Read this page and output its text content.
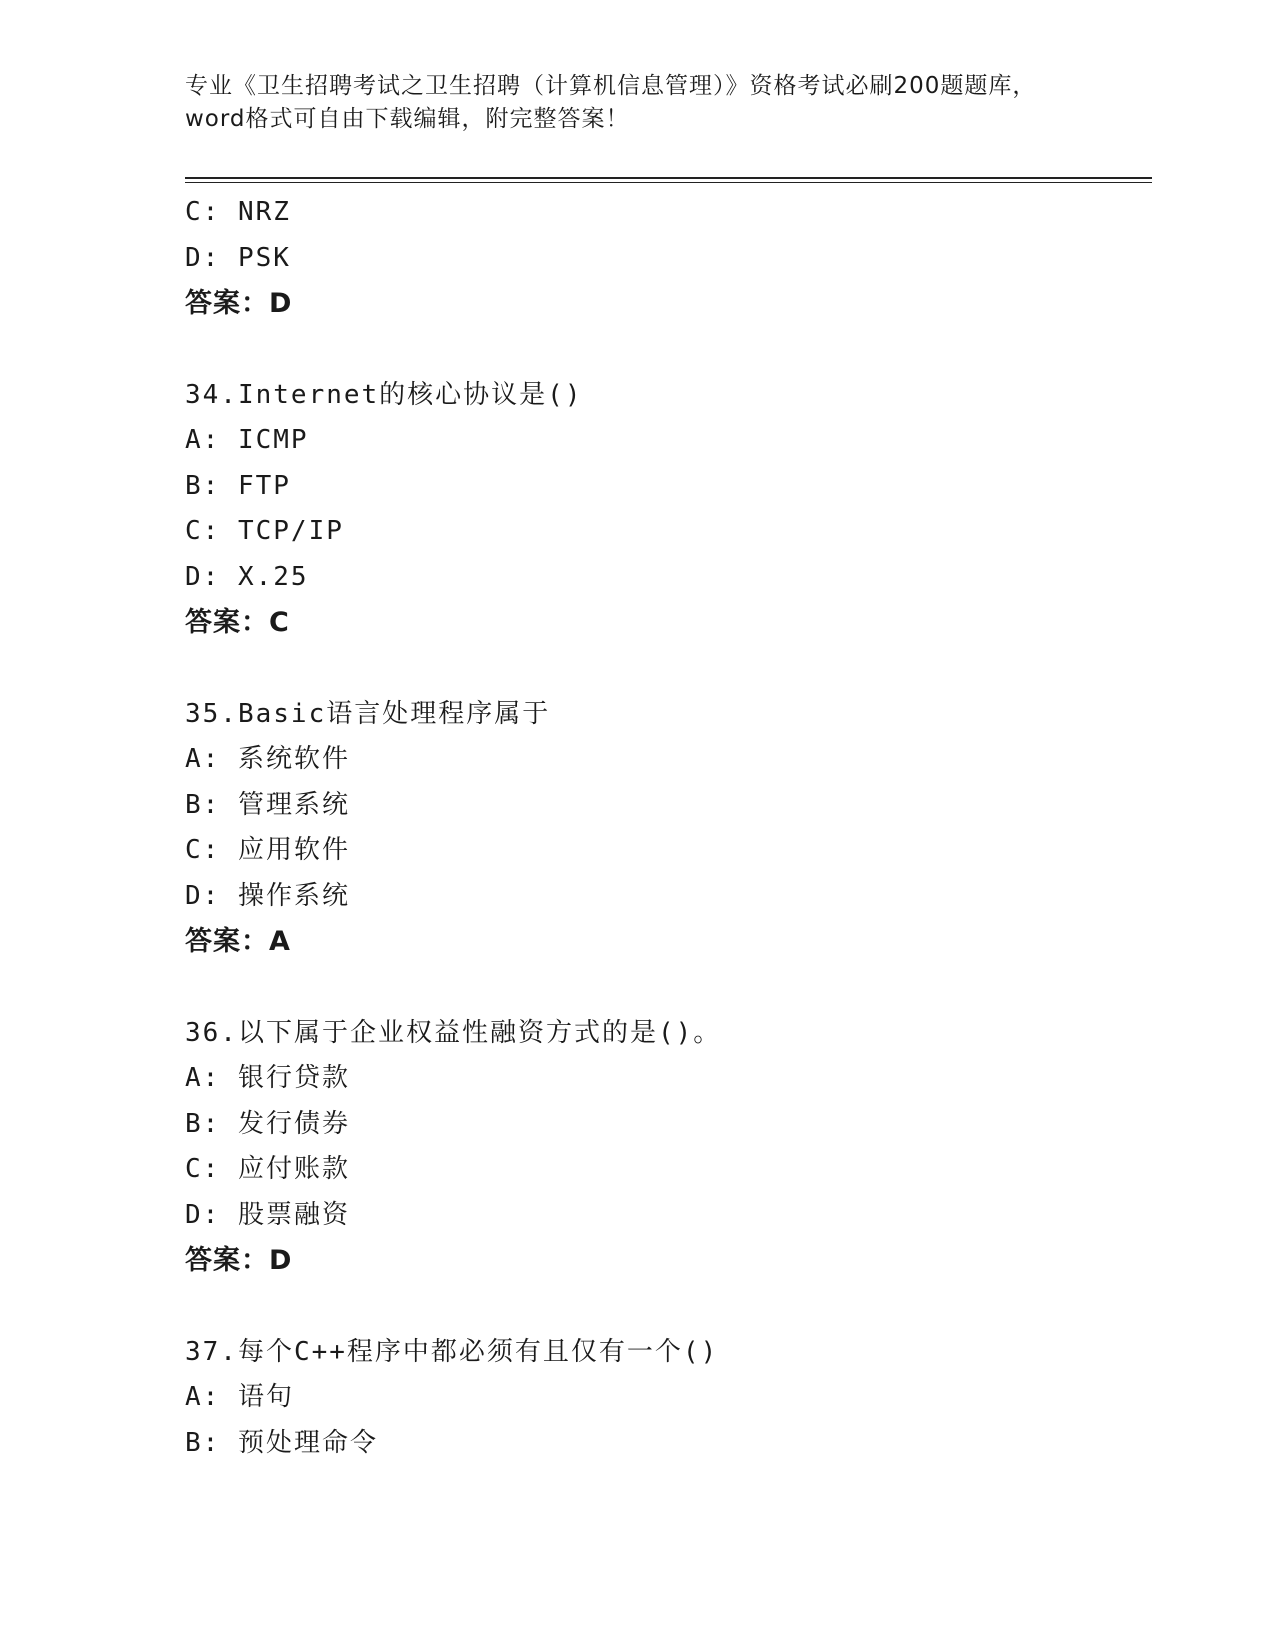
专业《卫生招聘考试之卫生招聘（计算机信息管理）》资格考试必刷200题题库，
word格式可自由下载编辑，附完整答案！
C: NRZ
D: PSK
答案：D
34.Internet的核心协议是()
A: ICMP
B: FTP
C: TCP/IP
D: X.25
答案：C
35.Basic语言处理程序属于
A: 系统软件
B: 管理系统
C: 应用软件
D: 操作系统
答案：A
36.以下属于企业权益性融资方式的是()。
A: 银行贷款
B: 发行债券
C: 应付账款
D: 股票融资
答案：D
37.每个C++程序中都必须有且仅有一个()
A: 语句
B: 预处理命令
